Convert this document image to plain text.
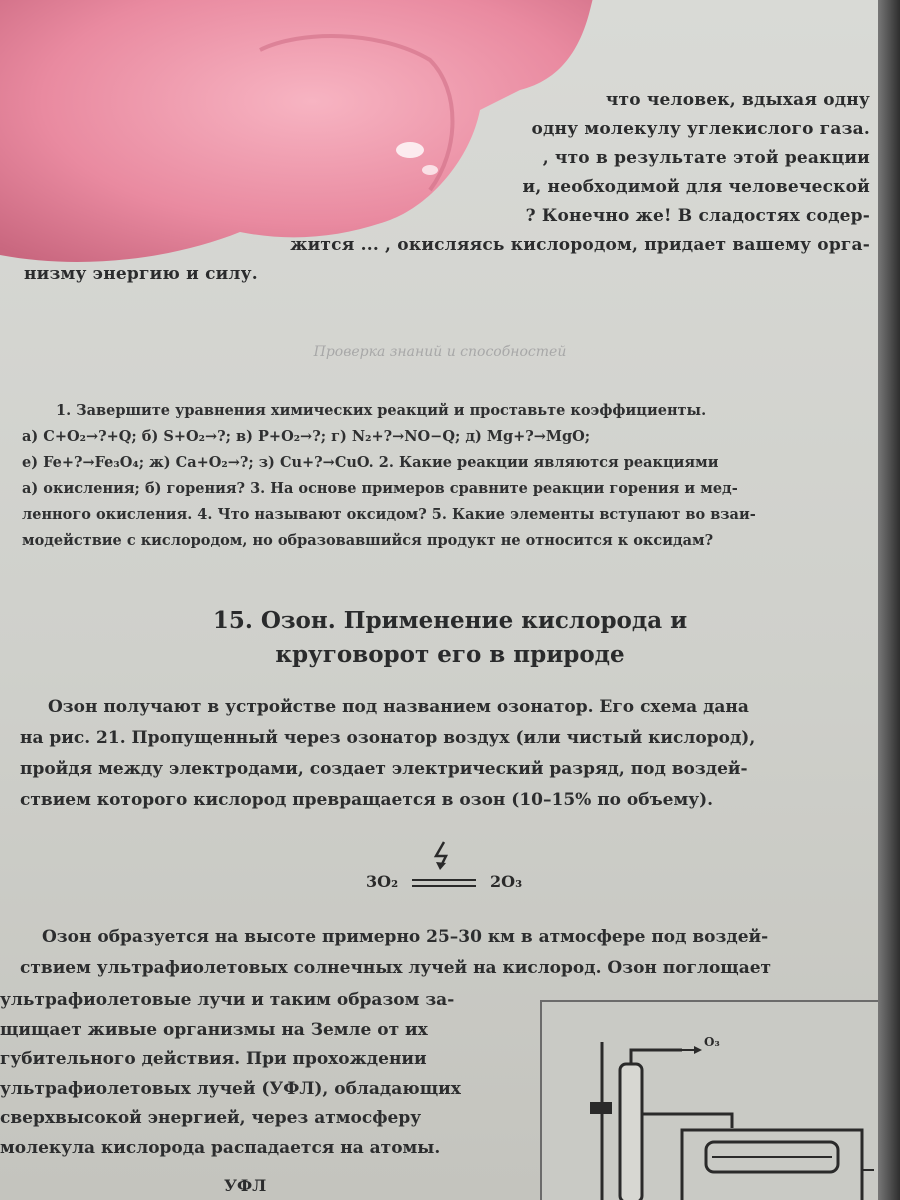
что человек, вдыхая одну

одну молекулу углекислого газа.

, что в результате этой реакции

и, необходимой для человеческой

? Конечно же! В сладостях содер-

жится ... , окисляясь кислородом, придает вашему орга-

низму энергию и силу.

Проверка знаний и способностей

1. Завершите уравнения химических реакций и проставьте коэффициенты.

а) C+O₂→?+Q; б) S+O₂→?; в) P+O₂→?; г) N₂+?→NO−Q; д) Mg+?→MgO;

е) Fe+?→Fe₃O₄; ж) Ca+O₂→?; з) Cu+?→CuO. 2. Какие реакции являются реакциями

а) окисления; б) горения? 3. На основе примеров сравните реакции горения и мед-

ленного окисления. 4. Что называют оксидом? 5. Какие элементы вступают во взаи-

модействие с кислородом, но образовавшийся продукт не относится к оксидам?

15. Озон. Применение кислорода и
круговорот его в природе

Озон получают в устройстве под названием озонатор. Его схема дана

на рис. 21. Пропущенный через озонатор воздух (или чистый кислород),

пройдя между электродами, создает электрический разряд, под воздей-

ствием которого кислород превращается в озон (10–15% по объему).

3O₂	2O₃

Озон образуется на высоте примерно 25–30 км в атмосфере под воздей-

ствием ультрафиолетовых солнечных лучей на кислород. Озон поглощает

ультрафиолетовые лучи и таким образом за-

щищает живые организмы на Земле от их

губительного действия. При прохождении

ультрафиолетовых лучей (УФЛ), обладающих

сверхвысокой энергией, через атмосферу

молекула кислорода распадается на атомы.

O₃
УФЛ
